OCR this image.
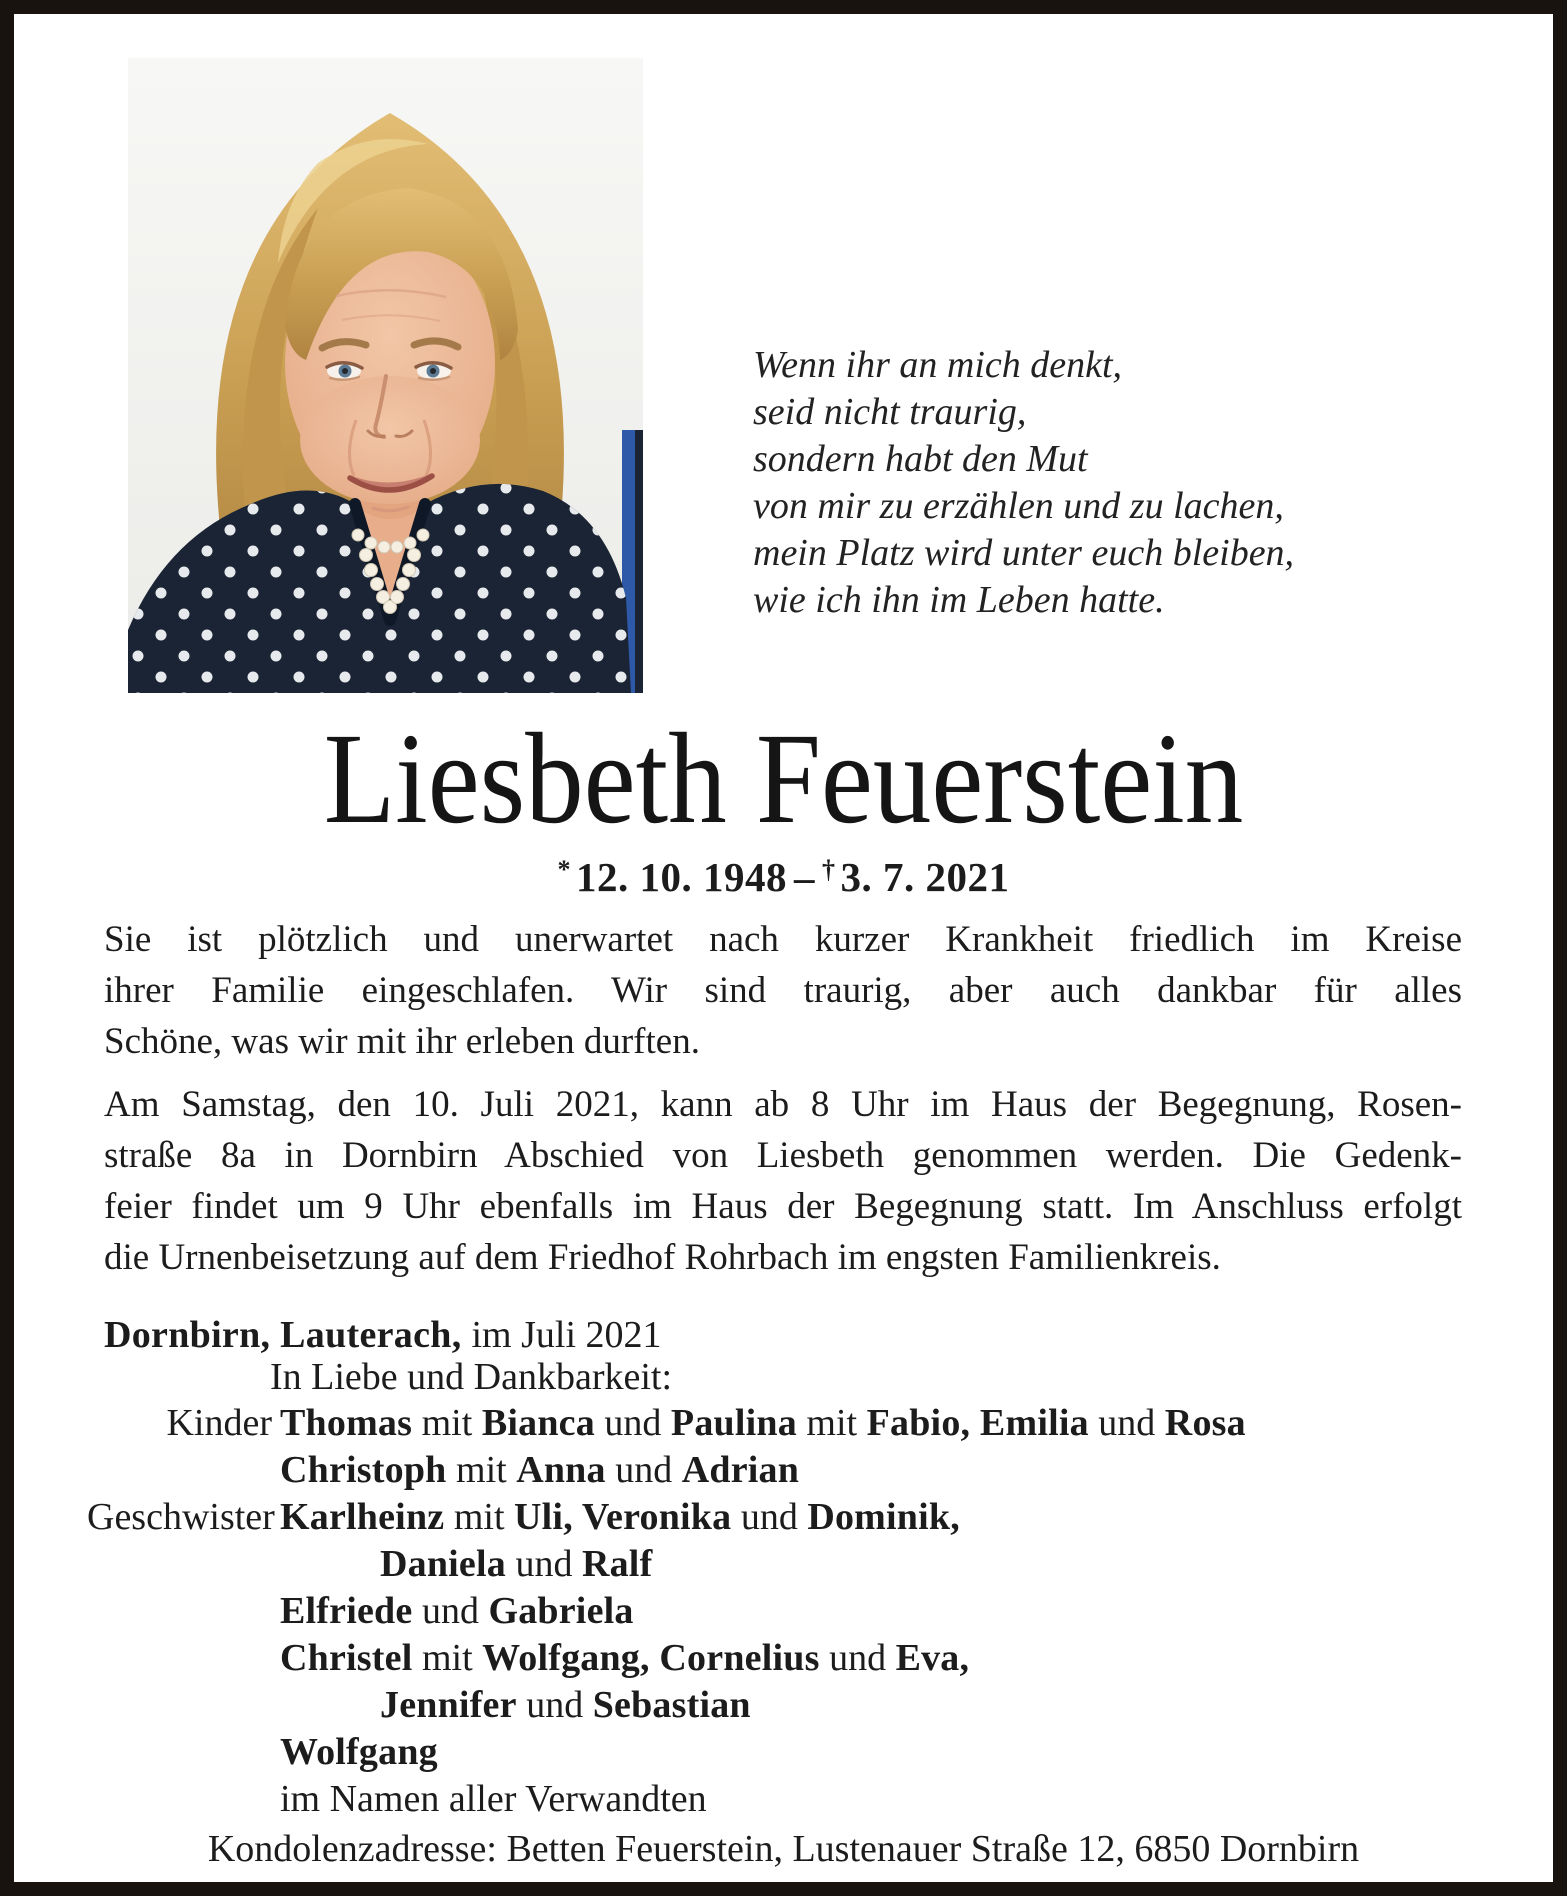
Wenn ihr an mich denkt,
seid nicht traurig,
sondern habt den Mut
von mir zu erzählen und zu lachen,
mein Platz wird unter euch bleiben,
wie ich ihn im Leben hatte.
Liesbeth Feuerstein
* 12. 10. 1948 – † 3. 7. 2021
Sie ist plötzlich und unerwartet nach kurzer Krankheit friedlich im Kreise
ihrer Familie eingeschlafen. Wir sind traurig, aber auch dankbar für alles
Schöne, was wir mit ihr erleben durften.
Am Samstag, den 10. Juli 2021, kann ab 8 Uhr im Haus der Begegnung, Rosen-
straße 8a in Dornbirn Abschied von Liesbeth genommen werden. Die Gedenk-
feier findet um 9 Uhr ebenfalls im Haus der Begegnung statt. Im Anschluss erfolgt
die Urnenbeisetzung auf dem Friedhof Rohrbach im engsten Familienkreis.
Dornbirn, Lauterach, im Juli 2021
In Liebe und Dankbarkeit:
Kinder Thomas mit Bianca und Paulina mit Fabio, Emilia und Rosa
Christoph mit Anna und Adrian
Geschwister Karlheinz mit Uli, Veronika und Dominik,
Daniela und Ralf
Elfriede und Gabriela
Christel mit Wolfgang, Cornelius und Eva,
Jennifer und Sebastian
Wolfgang
im Namen aller Verwandten
Kondolenzadresse: Betten Feuerstein, Lustenauer Straße 12, 6850 Dornbirn
